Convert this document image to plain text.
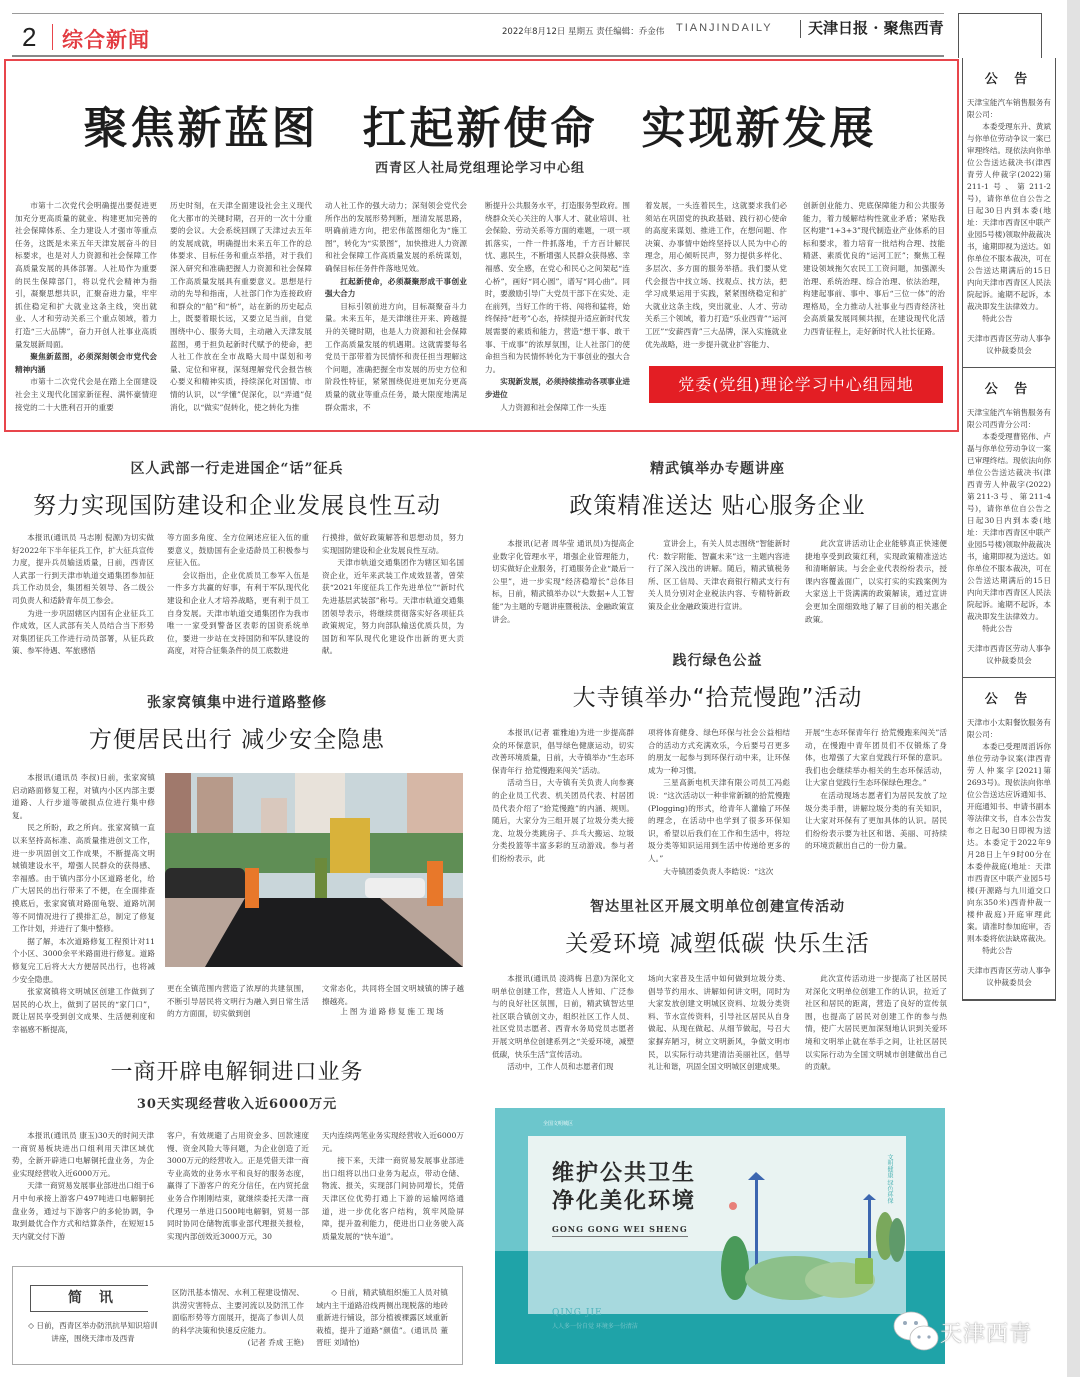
2 综合新闻	2022年8月12日 星期五 责任编辑：乔金伟 TIANJINDAILY 天津日报 · 聚焦西青
聚焦新蓝图 扛起新使命 实现新发展
西青区人社局党组理论学习中心组

市第十二次党代会明确提出要促进更加充分更高质量的就业、构建更加完善的社会保障体系、全力建设人才强市等重点任务，这既是未来五年天津发展奋斗的目标要求，也是对人力资源和社会保障工作高质量发展的具体部署。人社局作为重要的民生保障部门，将以党代会精神为指引，凝聚思想共识，汇聚奋进力量，牢牢抓住稳定和扩大就业这条主线，突出就业、人才和劳动关系三个重点领域，着力打造“三大品牌”，奋力开创人社事业高质量发展新局面。

聚焦新蓝图，必须深刻领会市党代会精神内涵

市第十二次党代会是在踏上全面建设社会主义现代化国家新征程、满怀豪情迎接党的二十大胜利召开的重要

历史时刻，在天津全面建设社会主义现代化大都市的关键时期，召开的一次十分重要的会议。大会系统回顾了天津过去五年的发展成就，明确提出未来五年工作的总体要求、目标任务和重点举措，对于我们深入研究和准确把握人力资源和社会保障工作高质量发展具有重要意义。思想是行动的先导和指南，人社部门作为连接政府和群众的“船”和“桥”，站在新的历史起点上，既要着眼长远，又要立足当前，自觉围绕中心、服务大局，主动融入天津发展蓝图，勇于担负起新时代赋予的使命，把人社工作放在全市战略大局中谋划和考量、定位和审视，深刻理解党代会报告核心要义和精神实质，持续深化对国情、市情的认识，以“学懂”促深化，以“弄通”促消化，以“做实”促转化，使之转化为推

动人社工作的强大动力；深刻领会党代会所作出的发展形势判断，厘清发展思路，明确前进方向，把宏伟蓝图细化为“施工图”，转化为“实景图”，加快推进人力资源和社会保障工作高质量发展的系统谋划，确保目标任务件件落地见效。

扛起新使命，必须凝聚形成干事创业强大合力

目标引领前进方向，目标凝聚奋斗力量。未来五年，是天津继往开来、跨越提升的关键时期，也是人力资源和社会保障工作高质量发展的机遇期。这就需要每名党员干部带着为民情怀和责任担当理解这个问题，准确把握全市发展的历史方位和阶段性特征，紧紧围绕促进更加充分更高质量的就业等重点任务，最大限度地满足群众需求，不

断提升公共服务水平，打造服务型政府。围绕群众关心关注的人事人才、就业培训、社会保险、劳动关系等方面的难题，一项一项抓落实，一件一件抓落地，千方百计解民忧、惠民生，不断增强人民群众获得感、幸福感、安全感，在党心和民心之间架起“连心桥”，画好“同心圆”，谱写“同心曲”。同时，要激励引导广大党员干部下在实处、走在前列，当好工作的干将、闯将和猛将，始终保持“赶考”心态，持续提升适应新时代发展需要的素质和能力，营造“想干事、敢干事、干成事”的浓厚氛围，让人社部门的使命担当和为民情怀转化为干事创业的强大合力。

实现新发展，必须持续推动各项事业进步进位

人力资源和社会保障工作一头连

着发展，一头连着民生，这就要求我们必须站在巩固党的执政基础、践行初心使命的高度来谋划、推进工作，在想问题、作决策、办事情中始终坚持以人民为中心的理念，用心倾听民声，努力提供多样化、多层次、多方面的服务举措。我们要从党代会报告中找立场、找观点、找方法，把学习成果运用于实践，紧紧围绕稳定和扩大就业这条主线，突出就业、人才、劳动关系三个领域，着力打造“乐业西青”“运河工匠”“安薪西青”三大品牌，深入实施就业优先战略，进一步提升就业扩容能力、

创新创业能力、兜底保障能力和公共服务能力，着力缓解结构性就业矛盾；紧贴我区构建“1+3+3”现代制造业产业体系的目标和要求，着力培育一批结构合理、技能精湛、素质优良的“运河工匠”；聚焦工程建设领域拖欠农民工工资问题，加强源头治理、系统治理、综合治理、依法治理，构建起事前、事中、事后“三位一体”的治理格局，全力推动人社事业与西青经济社会高质量发展同频共振，在建设现代化活力西青征程上，走好新时代人社长征路。

党委(党组)理论学习中心组园地
区人武部一行走进国企“话”征兵
努力实现国防建设和企业发展良性互动

本报讯(通讯员 马志刚 倪源)为切实做好2022年下半年征兵工作，扩大征兵宣传力度，提升兵员输送质量，日前，西青区人武部一行到天津市轨道交通集团参加征兵工作动员会，集团相关领导、各二级公司负责人和适龄青年员工参会。

为进一步巩固辖区内国有企业征兵工作成效，区人武部有关人员结合当下形势对集团征兵工作进行动员部署，从征兵政策、参军待遇、军旅感悟

等方面多角度、全方位阐述应征入伍的重要意义，鼓励国有企业适龄员工积极参与应征入伍。

会议指出，企业优质员工参军入伍是一件多方共赢的好事，有利于军队现代化建设和企业人才培养战略，更有利于员工自身发展。天津市轨道交通集团作为我市唯一一家受到警备区表彰的国资系统单位，要进一步站在支持国防和军队建设的高度，对符合征集条件的员工底数进

行摸排，做好政策解答和思想动员，努力实现国防建设和企业发展良性互动。

天津市轨道交通集团作为辖区知名国资企业，近年来武装工作成效显著，曾荣获“2021年度征兵工作先进单位”“新时代先进基层武装部”称号。天津市轨道交通集团领导表示，将继续贯彻落实好各项征兵政策规定，努力向部队输送优质兵员，为国防和军队现代化建设作出新的更大贡献。

精武镇举办专题讲座
政策精准送达 贴心服务企业

本报讯(记者 周华莹 通讯员)为提高企业数字化管理水平，增强企业管理能力，切实做好企业服务，打通服务企业“最后一公里”，进一步实现“经济稳增长”总体目标，日前，精武镇举办以“大数据+人工智能”为主题的专题讲座暨税法、金融政策宣讲会。

宣讲会上，有关人员志围绕“智能新时代：数字附能、智赢未来”这一主题内容进行了深入浅出的讲解。随后，精武镇税务所、区工信局、天津农商银行精武支行有关人员分别对企业税法内容、专精特新政策及企业金融政策进行宣讲。

此次宣讲活动让企业能够真正快速便捷地享受到政策红利，实现政策精准送达和清晰解读。与会企业代表纷纷表示，授课内容覆盖面广，以实打实的实践案例为大家送上干货满满的政策解读，通过宣讲会更加全面细致地了解了目前的相关惠企政策。

张家窝镇集中进行道路整修
方便居民出行 减少安全隐患

本报讯(通讯员 李叔)日前，张家窝镇启动路面修复工程，对镇内小区内部主要道路、人行步道等破损点位进行集中修复。

民之所盼，政之所向。张家窝镇一直以来坚持高标准、高质量推进创文工作，进一步巩固创文工作成果，不断提高文明城镇建设水平，增强人民群众的获得感、幸福感。由于镇内部分小区道路老化，给广大居民的出行带来了不便，在全面排查摸底后，张家窝镇对路面龟裂、道路坑洞等不同情况进行了摸排汇总，制定了修复工作计划，并进行了集中整修。

据了解，本次道路修复工程预计对11个小区、3000余平米路面进行修复。道路修复完工后将大大方便居民出行，也将减少安全隐患。

张家窝镇将文明城区创建工作做到了居民的心坎上，做到了居民的“家门口”，既让居民享受到创文成果、生活便利度和幸福感不断提高，

更在全镇范围内营造了浓厚的共建氛围，不断引导居民将文明行为融入到日常生活的方方面面，切实做到创

文常态化，共同将全国文明城镇的牌子越擦越亮。

上图为道路修复施工现场
践行绿色公益
大寺镇举办“拾荒慢跑”活动

本报讯(记者 霍雅迪)为进一步提高群众的环保意识，倡导绿色健康运动，切实改善环境质量，日前，大寺镇举办“生态环保青年行 拾荒慢跑来闯关”活动。

活动当日，大寺镇有关负责人向参赛的企业员工代表、机关团员代表、村居团员代表介绍了“拾荒慢跑”的内涵、规则。随后，大家分为三组开展了垃圾分类大接龙、垃圾分类跳房子、乒乓大搬运、垃圾分类投篮等丰富多彩的互动游戏。参与者们纷纷表示，此

项将体育健身、绿色环保与社会公益相结合的活动方式充满欢乐，今后要号召更多的朋友一起参与到环保行动中来，让环保成为一种习惯。

三星高新电机天津有限公司员工冯彪说：“这次活动以一种非常新颖的拾荒慢跑(Plogging)的形式，给青年人灌输了环保的理念，在活动中也学到了很多环保知识，希望以后我们在工作和生活中，将垃圾分类等知识运用到生活中传递给更多的人。”

大寺镇团委负责人李皓说：“这次

开展“生态环保青年行 拾荒慢跑来闯关”活动，在慢跑中青年团员们不仅锻炼了身体，也增强了大家自觉践行环保的意识。我们也会继续举办相关的生态环保活动，让大家自觉践行生态环保绿色理念。”

在活动现场志愿者们为居民发放了垃圾分类手册，讲解垃圾分类的有关知识，让大家对环保有了更加具体的认识。居民们纷纷表示要为社区和谐、美丽、可持续的环境贡献出自己的一份力量。

智达里社区开展文明单位创建宣传活动
关爱环境 减塑低碳 快乐生活

本报讯(通讯员 凌鸿梅 吕意)为深化文明单位创建工作，营造人人皆知、广泛参与的良好社区氛围，日前，精武镇智达里社区联合镇创文办，组织社区工作人员、社区党员志愿者、西青水务局党员志愿者开展文明单位创建系列之“关爱环境，减塑低碳，快乐生活”宣传活动。

活动中，工作人员和志愿者们现

场向大家普及生活中如何做到垃圾分类、倡导节约用水、讲解如何讲文明，同时为大家发放创建文明城区资料、垃圾分类资料、节水宣传资料，引导社区居民从自身做起、从现在做起、从细节做起，号召大家摒弃陋习，树立文明新风，争做文明市民，以实际行动共建清洁美丽社区，倡导礼让和谐，巩固全国文明城区创建成果。

此次宣传活动进一步提高了社区居民对深化文明单位创建工作的认识，拉近了社区和居民的距离，营造了良好的宣传氛围，也提高了居民对创建工作的参与热情，使广大居民更加深刻地认识到关爱环境和文明举止就在举手之间，让社区居民以实际行动为全国文明城市创建做出自己的贡献。

一商开辟电解铜进口业务
30天实现经营收入近6000万元

本报讯(通讯员 康玉)30天的时间天津一商贸易板块进出口组利用天津区域优势，全新开辟进口电解铜托盘业务，为企业实现经营收入近6000万元。

天津一商贸易发展事业部进出口组于6月中旬承接上游客户497吨进口电解铜托盘业务，通过与下游客户的多轮协调，争取到最优合作方式和结算条件，在短短15天内就交付下游

客户，有效规避了占用资金多、回款速度慢、资金风险大等问题，为企业创造了近3000万元的经营收入。正是凭借天津一商专业高效的业务水平和良好的服务态度，赢得了下游客户的充分信任，在内贸托盘业务合作刚刚结束，就继续委托天津一商代理另一单进口500吨电解铜，贸易一部同时协同仓储物流事业部代理报关报检，实现内部创效近3000万元，30

天内连续两笔业务实现经营收入近6000万元。

接下来，天津一商贸易发展事业部进出口组将以出口业务为起点，带动仓储、物流、报关，实现部门间协同增长，凭借天津区位优势打通上下游的运输网络通道，进一步优化客户结构，筑牢风险屏障，提升盈利能力，使进出口业务驶入高质量发展的“快车道”。

简 讯

◇ 日前，西青区举办防汛抗旱知识培训讲座，围绕天津市及西青

区防汛基本情况、水利工程建设情况、洪涝灾害特点、主要河流以及防汛工作面临形势等方面展开，提高了参训人员的科学决策和快速反应能力。
(记者 乔成 王艳)

◇ 日前，精武镇组织施工人员对镇域内主干道路沿线两侧出现脱落的地砖重新进行铺设，部分植被裸露区域重新栽植，提升了道路“颜值”。(通讯员 董晋旺 刘靖怡)

全国文明城区
维护公共卫生
净化美化环境
GONG GONG WEI SHENG
QING JIE
人人多一份自觉 环境多一份清洁
文明健康 绿色环保
公 告

天津宝能汽车销售服务有限公司：

本委受理东升、黄斌与你单位劳动争议一案已审理终结。现依法向你单位公告送达裁决书(津西青劳人仲裁字(2022)第211-1号、第211-2号)，请你单位自公告之日起30日内到本委(地址：天津市西青区中联产业园5号楼)领取仲裁裁决书，逾期即视为送达。如你单位不服本裁决，可在公告送达期满后的15日内向天津市西青区人民法院起诉。逾期不起诉，本裁决即发生法律效力。

特此公告

天津市西青区劳动人事争议仲裁委员会
公 告

天津宝能汽车销售服务有限公司西青分公司：

本委受理曹铭伟、卢磊与你单位劳动争议一案已审理终结。现依法向你单位公告送达裁决书(津西青劳人仲裁字(2022)第211-3号、第211-4号)，请你单位自公告之日起30日内到本委(地址：天津市西青区中联产业园5号楼)领取仲裁裁决书，逾期即视为送达。如你单位不服本裁决，可在公告送达期满后的15日内向天津市西青区人民法院起诉。逾期不起诉，本裁决即发生法律效力。

特此公告

天津市西青区劳动人事争议仲裁委员会
公 告

天津市小太阳餐饮服务有限公司：

本委已受理周滔诉你单位劳动争议案(津西青劳人仲案字[2021]第2693号)。现依法向你单位公告送达应诉通知书、开庭通知书、申请书副本等法律文书，自本公告发布之日起30日即视为送达。本委定于2022年9月28日上午9时00分在本委仲裁庭(地址：天津市西青区中联产业园5号楼(开源路与九川道交口向东350米)西青仲裁一楼仲裁庭)开庭审理此案。请准时参加庭审，否则本委将依法缺席裁决。

特此公告

天津市西青区劳动人事争议仲裁委员会
天津西青
